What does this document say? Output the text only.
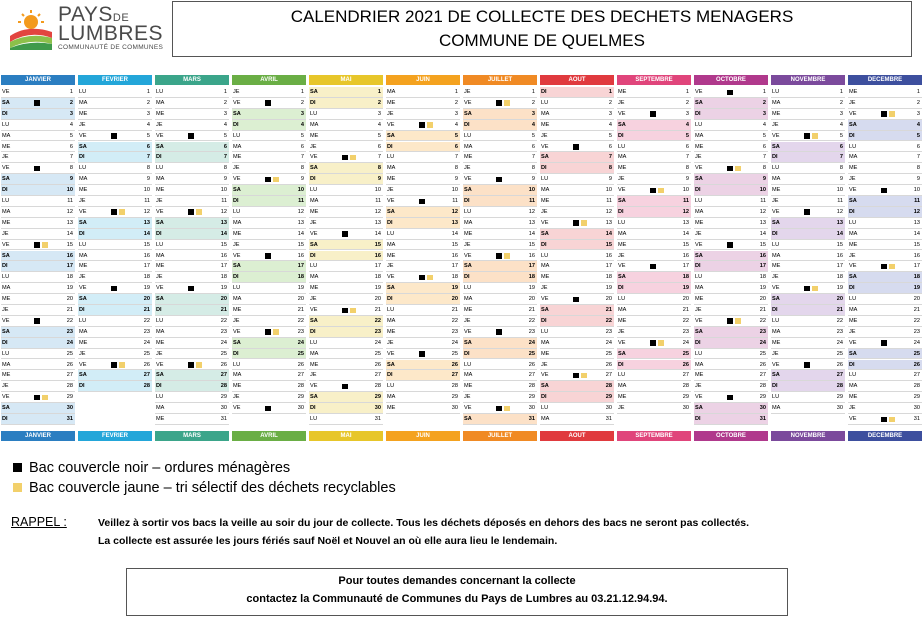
PAYSDE
LUMBRES
COMMUNAUTÉ DE COMMUNES
CALENDRIER 2021 DE COLLECTE DES DECHETS MENAGERS
COMMUNE DE QUELMES
JANVIER
JANVIER
VE	1
SA	2
DI	3
LU	4
MA	5
ME	6
JE	7
VE	8
SA	9
DI	10
LU	11
MA	12
ME	13
JE	14
VE	15
SA	16
DI	17
LU	18
MA	19
ME	20
JE	21
VE	22
SA	23
DI	24
LU	25
MA	26
ME	27
JE	28
VE	29
SA	30
DI	31
FEVRIER
FEVRIER
LU	1
MA	2
ME	3
JE	4
VE	5
SA	6
DI	7
LU	8
MA	9
ME	10
JE	11
VE	12
SA	13
DI	14
LU	15
MA	16
ME	17
JE	18
VE	19
SA	20
DI	21
LU	22
MA	23
ME	24
JE	25
VE	26
SA	27
DI	28
MARS
MARS
LU	1
MA	2
ME	3
JE	4
VE	5
SA	6
DI	7
LU	8
MA	9
ME	10
JE	11
VE	12
SA	13
DI	14
LU	15
MA	16
ME	17
JE	18
VE	19
SA	20
DI	21
LU	22
MA	23
ME	24
JE	25
VE	26
SA	27
DI	28
LU	29
MA	30
ME	31
AVRIL
AVRIL
JE	1
VE	2
SA	3
DI	4
LU	5
MA	6
ME	7
JE	8
VE	9
SA	10
DI	11
LU	12
MA	13
ME	14
JE	15
VE	16
SA	17
DI	18
LU	19
MA	20
ME	21
JE	22
VE	23
SA	24
DI	25
LU	26
MA	27
ME	28
JE	29
VE	30
MAI
MAI
SA	1
DI	2
LU	3
MA	4
ME	5
JE	6
VE	7
SA	8
DI	9
LU	10
MA	11
ME	12
JE	13
VE	14
SA	15
DI	16
LU	17
MA	18
ME	19
JE	20
VE	21
SA	22
DI	23
LU	24
MA	25
ME	26
JE	27
VE	28
SA	29
DI	30
LU	31
JUIN
JUIN
MA	1
ME	2
JE	3
VE	4
SA	5
DI	6
LU	7
MA	8
ME	9
JE	10
VE	11
SA	12
DI	13
LU	14
MA	15
ME	16
JE	17
VE	18
SA	19
DI	20
LU	21
MA	22
ME	23
JE	24
VE	25
SA	26
DI	27
LU	28
MA	29
ME	30
JUILLET
JUILLET
JE	1
VE	2
SA	3
DI	4
LU	5
MA	6
ME	7
JE	8
VE	9
SA	10
DI	11
LU	12
MA	13
ME	14
JE	15
VE	16
SA	17
DI	18
LU	19
MA	20
ME	21
JE	22
VE	23
SA	24
DI	25
LU	26
MA	27
ME	28
JE	29
VE	30
SA	31
AOUT
AOUT
DI	1
LU	2
MA	3
ME	4
JE	5
VE	6
SA	7
DI	8
LU	9
MA	10
ME	11
JE	12
VE	13
SA	14
DI	15
LU	16
MA	17
ME	18
JE	19
VE	20
SA	21
DI	22
LU	23
MA	24
ME	25
JE	26
VE	27
SA	28
DI	29
LU	30
MA	31
SEPTEMBRE
SEPTEMBRE
ME	1
JE	2
VE	3
SA	4
DI	5
LU	6
MA	7
ME	8
JE	9
VE	10
SA	11
DI	12
LU	13
MA	14
ME	15
JE	16
VE	17
SA	18
DI	19
LU	20
MA	21
ME	22
JE	23
VE	24
SA	25
DI	26
LU	27
MA	28
ME	29
JE	30
OCTOBRE
OCTOBRE
VE	1
SA	2
DI	3
LU	4
MA	5
ME	6
JE	7
VE	8
SA	9
DI	10
LU	11
MA	12
ME	13
JE	14
VE	15
SA	16
DI	17
LU	18
MA	19
ME	20
JE	21
VE	22
SA	23
DI	24
LU	25
MA	26
ME	27
JE	28
VE	29
SA	30
DI	31
NOVEMBRE
NOVEMBRE
LU	1
MA	2
ME	3
JE	4
VE	5
SA	6
DI	7
LU	8
MA	9
ME	10
JE	11
VE	12
SA	13
DI	14
LU	15
MA	16
ME	17
JE	18
VE	19
SA	20
DI	21
LU	22
MA	23
ME	24
JE	25
VE	26
SA	27
DI	28
LU	29
MA	30
DECEMBRE
DECEMBRE
ME	1
JE	2
VE	3
SA	4
DI	5
LU	6
MA	7
ME	8
JE	9
VE	10
SA	11
DI	12
LU	13
MA	14
ME	15
JE	16
VE	17
SA	18
DI	19
LU	20
MA	21
ME	22
JE	23
VE	24
SA	25
DI	26
LU	27
MA	28
ME	29
JE	30
VE	31
Bac couvercle noir – ordures ménagères
Bac couvercle jaune – tri sélectif des déchets recyclables
RAPPEL :	Veillez à sortir vos bacs la veille au soir du jour de collecte. Tous les déchets déposés en dehors des bacs ne seront pas collectés.
La collecte est assurée les jours fériés sauf Noël et Nouvel an où elle aura lieu le lendemain.
Pour toutes demandes concernant la collecte
contactez la Communauté de Communes du Pays de Lumbres au 03.21.12.94.94.
